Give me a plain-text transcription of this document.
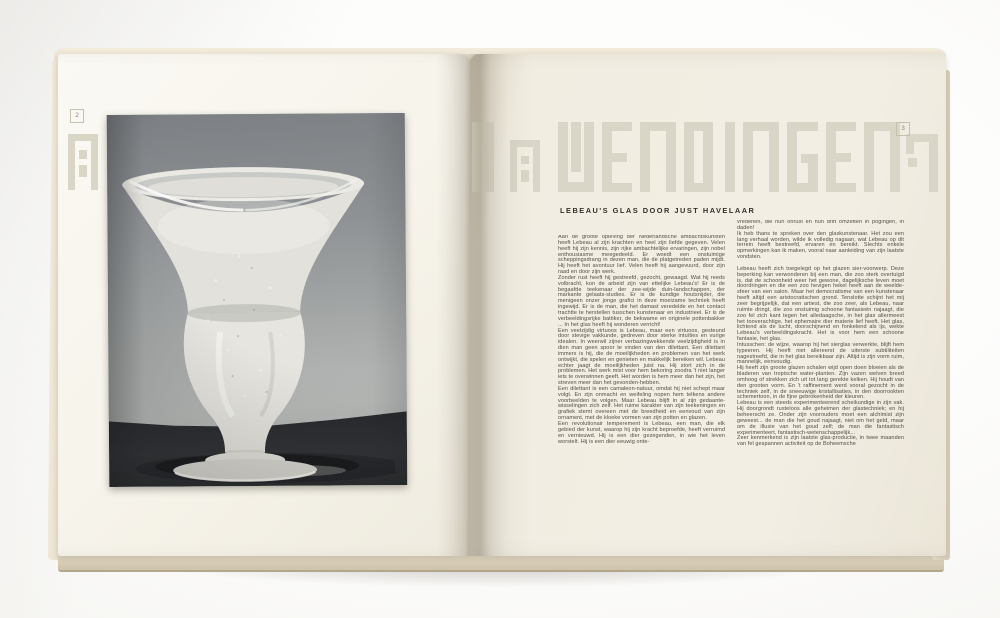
2
3
LEBEAU'S GLAS DOOR JUST HAVELAAR

Aan de groote opleving der Nederlandsche ambachtskunsten heeft Lebeau al zijn krachten en heel zijn liefde gegeven. Velen heeft hij zijn kennis, zijn rijke ambachtelijke ervaringen, zijn nobel enthousiasme meegedeeld. Er woedt een onstuimige scheppingsdrang in dezen man, die de platgetreden paden mijdt. Hij heeft het avontuur lief. Velen heeft hij aangevuurd, door zijn raad en door zijn werk.

Zonder rust heeft hij gestreefd, gezocht, gewaagd. Wat hij reeds volbracht, kon de arbeid zijn van ettelijke Lebeau's! Er is de begaafde teekenaar der zee-wijde duin-landschappen, der markante gelaats-studies. Er is de kundige houtsnijder, die menigeen onzer jonge grafici in deze moeizame techniek heeft ingewijd. Er is de man, die het damast veredelde en het contact trachtte te herstellen tusschen kunstenaar en industrieel. Er is de verbeeldingsrijke battiker, de bekwame en originele pottenbakker ... In het glas heeft hij wonderen verricht!

Een veelzijdig virtuoos is Lebeau, maar een virtuoos, gesteund door stevige vakkunde, gedreven door sterke intuïties en vurige idealen. In weerwil zijner verbazingwekkende veelzijdigheid is in dien man geen spoor te vinden van den dilettant. Een dilettant immers is hij, die de moeilijkheden en problemen van het werk ontwijkt, die spelen en genieten en makkelijk bereiken wil. Lebeau echter jaagt de moeilijkheden juist na. Hij stort zich in de problemen. Het werk mist voor hem bekoring zoodra 't niet langer iets te overwinnen geeft. Het worden is hem meer dan het zijn, het streven meer dan het gevonden-hebben.

Een dilettant is een camaleon-natuur, omdat hij niet schept maar volgt. En zijn onmacht en weifeling nopen hem telkens andere voorbeelden te volgen. Maar Lebeau blijft in al zijn gedaante-wisselingen zich zelf. Het ruime karakter van zijn teekeningen en grafiek stemt overeen met de breedheid en eenvoud van zijn ornament, met de kloeke vormen van zijn potten en glazen.

Een revolutionair temperement is Lebeau, een man, die elk gebied der kunst, waarop hij zijn kracht beproefde, heeft verruimd en vernieuwd. Hij is een dier gezegenden, in wie het leven worstelt. Hij is een dier eeuwig onte-

vredenen, die hun onrust en hun drift omzetten in pogingen, in daden!

Ik heb thans te spreken over den glaskunstenaar. Het zou een lang verhaal worden, wilde ik volledig nagaan, wat Lebeau op dit terrein heeft bestreefd, ervaren en bereikt. Slechts enkele opmerkingen kan ik maken, vooral naar aanleiding van zijn laatste vondsten.

Lebeau heeft zich toegelegd op het glazen sier-voorwerp. Deze beperking kan verwonderen bij een man, die zoo sterk overtuigd is, dat de schoonheid weer het gewone, dagelijksche leven moet doordringen en die een zoo hevigen hekel heeft aan de weelde-sfeer van een salon. Maar het democratisme van een kunstenaar heeft altijd een aristocratischen grond. Tenslotte schijnt het mij zeer begrijpelijk, dat een artiest, die zoo zeer, als Lebeau, naar ruimte dringt, die zoo onstuimig schoone fantasieën najaagt, die zoo fel zich kant tegen het alledaagsche, in het glas allermeest het tooverachtige, het ephemaire dier materie lief heeft. Het glas, lichtend als de lucht, doorschijnend en fonkelend als ijs, wekte Lebeau's verbeeldingskracht. Het is voor hem een schoone fantasie, het glas.

Intusschen: de wijze, waarop hij het sierglas verwerkte, blijft hem typeeren. Hij heeft niet allereerst de uiterste subtiliteiten nagestreefd, die in het glas bereikbaar zijn. Altijd is zijn vorm ruim, mannelijk, eenvoudig.

Hij heeft zijn groote glazen schalen wijd open doen bloeien als de bladeren van tropische water-planten. Zijn vazen welven breed omhoog of strekken zich uit tot lang gerekte kelken. Hij houdt van den grooten vorm. En 't raffinement werd vooral gezocht in de techniek zelf, in de sneeuwige kristallisaties, in den doorrookten schemertoon, in de fijne gebrokenheid der kleuren.

Lebeau is een steeds experimenteerend scheikundige in zijn vak. Hij doorgrondt rusteloos alle geheimen der glastechniek; en hij beheerscht ze. Onder zijn voorouders moet een alchimist zijn geweest... de man die het goud najaagt, niet om het geld, maar om de illusie van het goud zelf; de man die fantastisch experimenteert, fantastisch-wetenschappelijk...

Zeer kenmerkend is zijn laatste glas-productie, in twee maanden van fel gespannen activiteit op de Boheemsche
